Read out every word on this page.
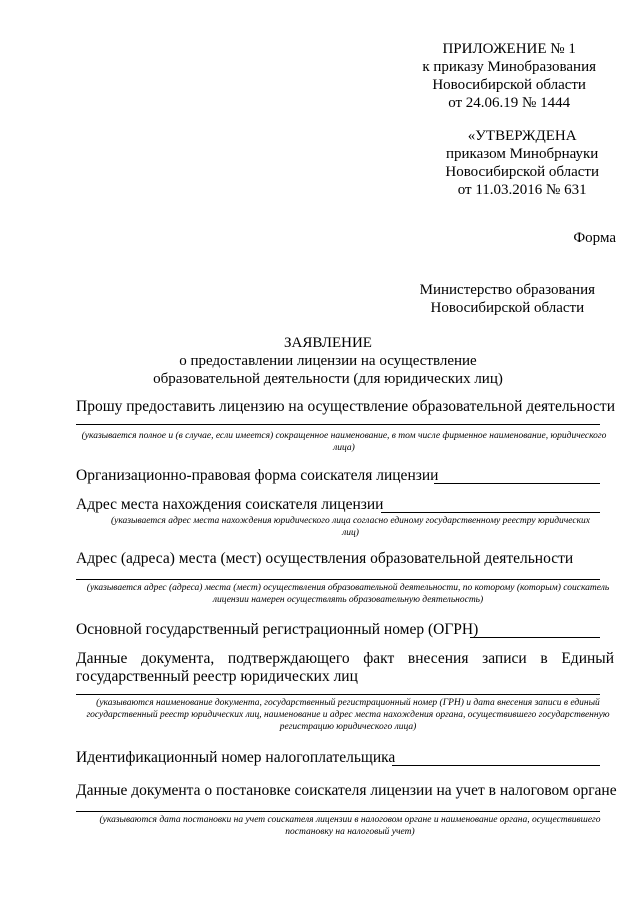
ПРИЛОЖЕНИЕ № 1
к приказу Минобразования
Новосибирской области
от 24.06.19 № 1444
«УТВЕРЖДЕНА
приказом Минобрнауки
Новосибирской области
от 11.03.2016 № 631
Форма
Министерство образования
Новосибирской области
ЗАЯВЛЕНИЕ
о предоставлении лицензии на осуществление
образовательной деятельности (для юридических лиц)
Прошу предоставить лицензию на осуществление образовательной деятельности
(указывается полное и (в случае, если имеется) сокращенное наименование, в том числе фирменное наименование, юридического лица)
Организационно-правовая форма соискателя лицензии
Адрес места нахождения соискателя лицензии
(указывается адрес места нахождения юридического лица согласно единому государственному реестру юридических лиц)
Адрес (адреса) места (мест) осуществления образовательной деятельности
(указывается адрес (адреса) места (мест) осуществления образовательной деятельности, по которому (которым) соискатель лицензии намерен осуществлять образовательную деятельность)
Основной государственный регистрационный номер (ОГРН)
Данные документа, подтверждающего факт внесения записи в Единый государственный реестр юридических лиц
(указываются наименование документа, государственный регистрационный номер (ГРН) и дата внесения записи в единый государственный реестр юридических лиц, наименование и адрес места нахождения органа, осуществившего государственную регистрацию юридического лица)
Идентификационный номер налогоплательщика
Данные документа о постановке соискателя лицензии на учет в налоговом органе
(указываются дата постановки на учет соискателя лицензии в налоговом органе и наименование органа, осуществившего постановку на налоговый учет)
